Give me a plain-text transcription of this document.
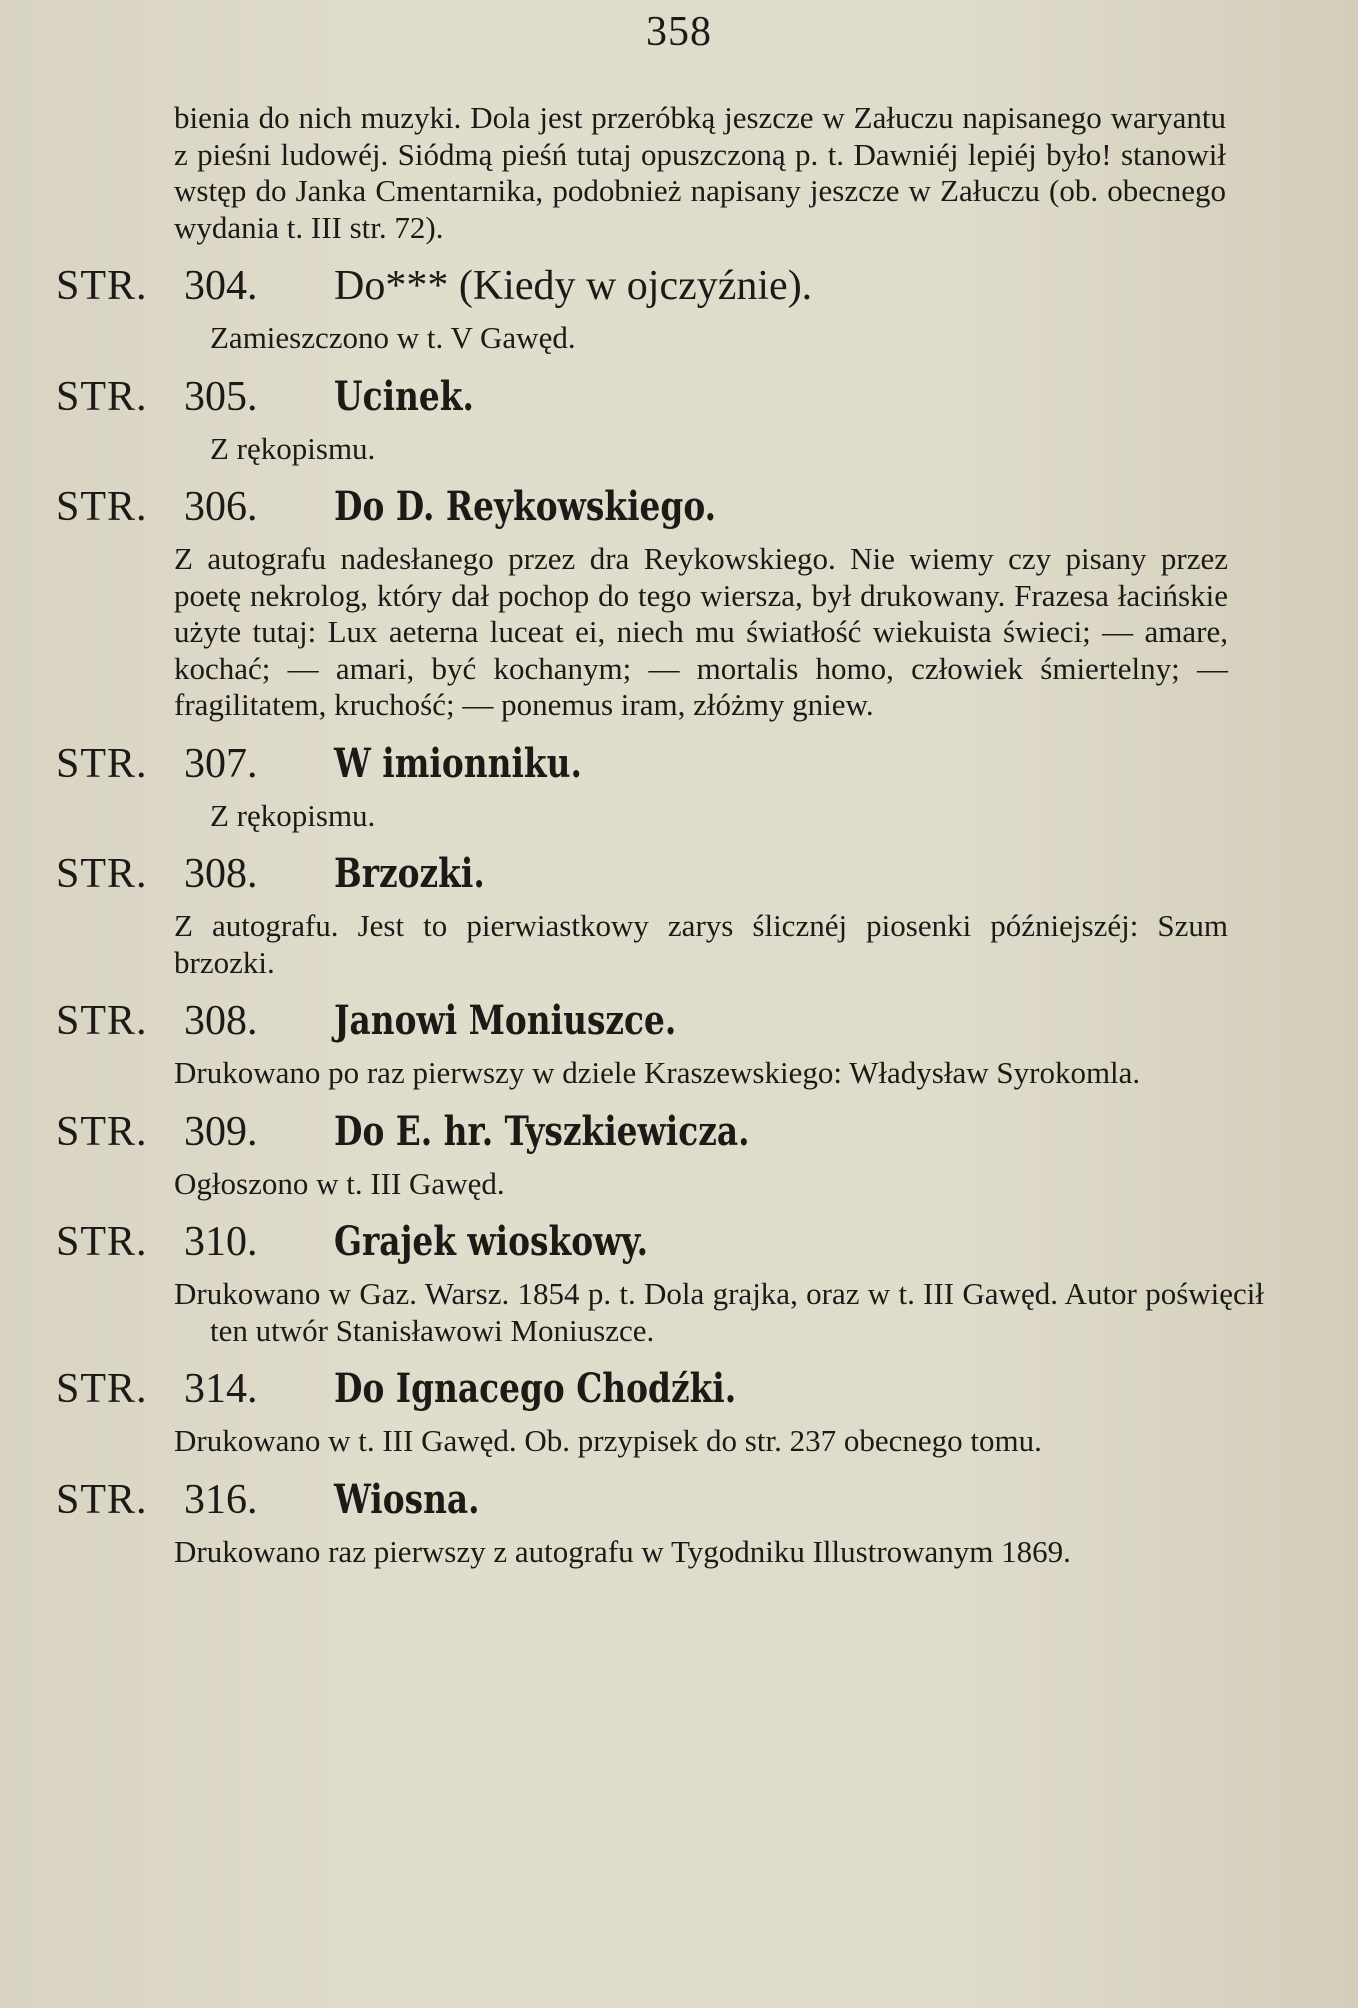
358
bienia do nich muzyki. Dola jest przeróbką jeszcze w Załuczu napisanego waryantu z pieśni ludowéj. Siódmą pieśń tutaj opuszczoną p. t. Dawniéj lepiéj było! stanowił wstęp do Janka Cmentarnika, podobnież napisany jeszcze w Załuczu (ob. obecnego wydania t. III str. 72).
STR. 304.	Do*** (Kiedy w ojczyźnie).
Zamieszczono w t. V Gawęd.
STR. 305.	Ucinek.
Z rękopismu.
STR. 306.	Do D. Reykowskiego.
Z autografu nadesłanego przez dra Reykowskiego. Nie wiemy czy pisany przez poetę nekrolog, który dał pochop do tego wiersza, był drukowany. Frazesa łacińskie użyte tutaj: Lux aeterna luceat ei, niech mu światłość wiekuista świeci; — amare, kochać; — amari, być kochanym; — mortalis homo, człowiek śmiertelny; —fragilitatem, kruchość; — ponemus iram, złóżmy gniew.
STR. 307.	W imionniku.
Z rękopismu.
STR. 308.	Brzozki.
Z autografu. Jest to pierwiastkowy zarys ślicznéj piosenki późniejszéj: Szum brzozki.
STR. 308.	Janowi Moniuszce.
Drukowano po raz pierwszy w dziele Kraszewskiego: Władysław Syrokomla.
STR. 309.	Do E. hr. Tyszkiewicza.
Ogłoszono w t. III Gawęd.
STR. 310.	Grajek wioskowy.
Drukowano w Gaz. Warsz. 1854 p. t. Dola grajka, oraz w t. III Gawęd. Autor poświęcił ten utwór Stanisławowi Moniuszce.
STR. 314.	Do Ignacego Chodźki.
Drukowano w t. III Gawęd. Ob. przypisek do str. 237 obecnego tomu.
STR. 316.	Wiosna.
Drukowano raz pierwszy z autografu w Tygodniku Illustrowanym 1869.
